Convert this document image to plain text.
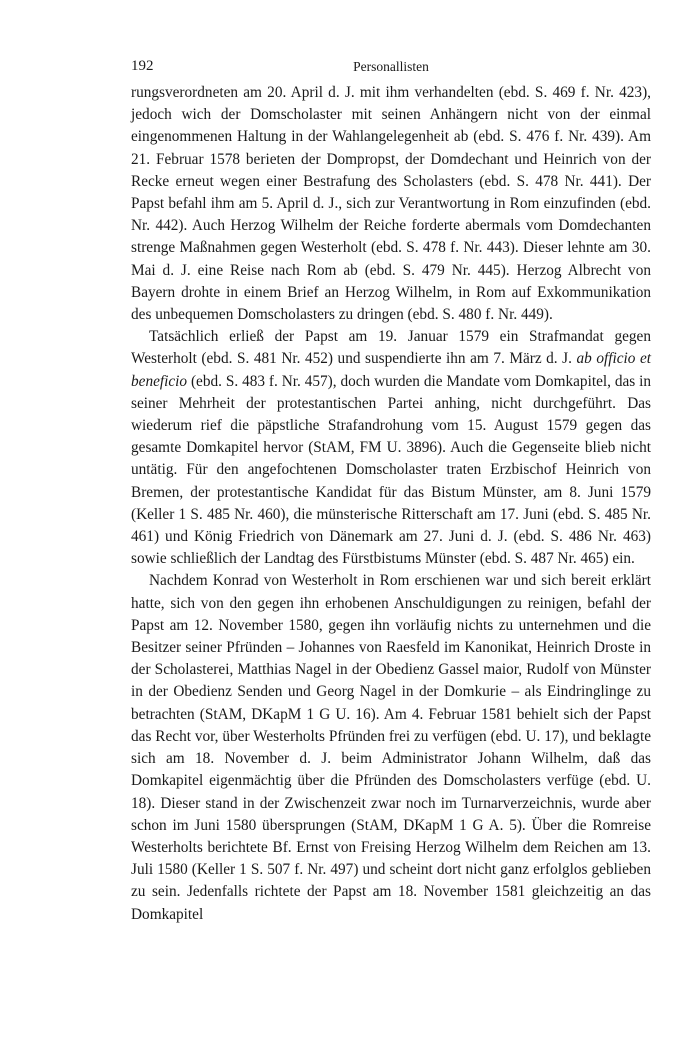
192	Personallisten

rungsverordneten am 20. April d. J. mit ihm verhandelten (ebd. S. 469 f. Nr. 423), jedoch wich der Domscholaster mit seinen Anhängern nicht von der einmal eingenommenen Haltung in der Wahlangelegenheit ab (ebd. S. 476 f. Nr. 439). Am 21. Februar 1578 berieten der Dompropst, der Domdechant und Heinrich von der Recke erneut wegen einer Bestrafung des Scholasters (ebd. S. 478 Nr. 441). Der Papst befahl ihm am 5. April d. J., sich zur Verantwortung in Rom einzufinden (ebd. Nr. 442). Auch Herzog Wilhelm der Reiche forderte abermals vom Domdechanten strenge Maßnahmen gegen Westerholt (ebd. S. 478 f. Nr. 443). Dieser lehnte am 30. Mai d. J. eine Reise nach Rom ab (ebd. S. 479 Nr. 445). Herzog Albrecht von Bayern drohte in einem Brief an Herzog Wilhelm, in Rom auf Exkommunikation des unbequemen Domscholasters zu dringen (ebd. S. 480 f. Nr. 449).

Tatsächlich erließ der Papst am 19. Januar 1579 ein Strafmandat gegen Westerholt (ebd. S. 481 Nr. 452) und suspendierte ihn am 7. März d. J. ab officio et beneficio (ebd. S. 483 f. Nr. 457), doch wurden die Mandate vom Domkapitel, das in seiner Mehrheit der protestantischen Partei anhing, nicht durchgeführt. Das wiederum rief die päpstliche Strafandrohung vom 15. August 1579 gegen das gesamte Domkapitel hervor (StAM, FM U. 3896). Auch die Gegenseite blieb nicht untätig. Für den angefochtenen Domscholaster traten Erzbischof Heinrich von Bremen, der protestantische Kandidat für das Bistum Münster, am 8. Juni 1579 (Keller 1 S. 485 Nr. 460), die münsterische Ritterschaft am 17. Juni (ebd. S. 485 Nr. 461) und König Friedrich von Dänemark am 27. Juni d. J. (ebd. S. 486 Nr. 463) sowie schließlich der Landtag des Fürstbistums Münster (ebd. S. 487 Nr. 465) ein.

Nachdem Konrad von Westerholt in Rom erschienen war und sich bereit erklärt hatte, sich von den gegen ihn erhobenen Anschuldigungen zu reinigen, befahl der Papst am 12. November 1580, gegen ihn vorläufig nichts zu unternehmen und die Besitzer seiner Pfründen – Johannes von Raesfeld im Kanonikat, Heinrich Droste in der Scholasterei, Matthias Nagel in der Obedienz Gassel maior, Rudolf von Münster in der Obedienz Senden und Georg Nagel in der Domkurie – als Eindringlinge zu betrachten (StAM, DKapM 1 G U. 16). Am 4. Februar 1581 behielt sich der Papst das Recht vor, über Westerholts Pfründen frei zu verfügen (ebd. U. 17), und beklagte sich am 18. November d. J. beim Administrator Johann Wilhelm, daß das Domkapitel eigenmächtig über die Pfründen des Domscholasters verfüge (ebd. U. 18). Dieser stand in der Zwischenzeit zwar noch im Turnarverzeichnis, wurde aber schon im Juni 1580 übersprungen (StAM, DKapM 1 G A. 5). Über die Romreise Westerholts berichtete Bf. Ernst von Freising Herzog Wilhelm dem Reichen am 13. Juli 1580 (Keller 1 S. 507 f. Nr. 497) und scheint dort nicht ganz erfolglos geblieben zu sein. Jedenfalls richtete der Papst am 18. November 1581 gleichzeitig an das Domkapitel
